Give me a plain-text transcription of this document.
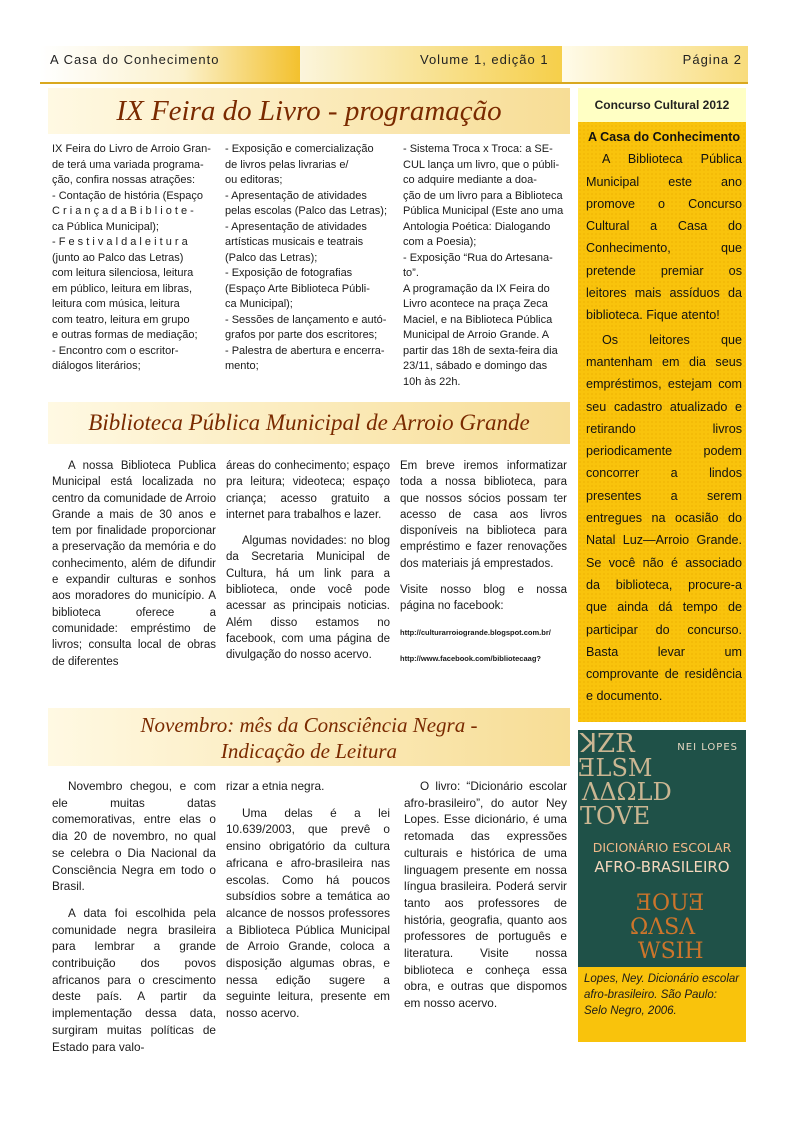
A Casa do Conhecimento	Volume 1, edição 1	Página 2
IX Feira do Livro - programação
IX Feira do Livro de Arroio Gran-
de terá uma variada programa-
ção, confira nossas atrações:
- Contação de história (Espaço
C r i a n ç a d a B i b l i o t e -
ca Pública Municipal);
- F e s t i v a l d a l e i t u r a
(junto ao Palco das Letras)
com leitura silenciosa, leitura
em público, leitura em libras,
leitura com música, leitura
com teatro, leitura em grupo
e outras formas de mediação;
- Encontro com o escritor-
diálogos literários;
- Exposição e comercialização
de livros pelas livrarias e/
ou editoras;
- Apresentação de atividades
pelas escolas (Palco das Letras);
- Apresentação de atividades
artísticas musicais e teatrais
(Palco das Letras);
- Exposição de fotografias
(Espaço Arte Biblioteca Públi-
ca Municipal);
- Sessões de lançamento e autó-
grafos por parte dos escritores;
- Palestra de abertura e encerra-
mento;
- Sistema Troca x Troca: a SE-
CUL lança um livro, que o públi-
co adquire mediante a doa-
ção de um livro para a Biblioteca
Pública Municipal (Este ano uma
Antologia Poética: Dialogando
com a Poesia);
- Exposição “Rua do Artesana-
to”.
A programação da IX Feira do
Livro acontece na praça Zeca
Maciel, e na Biblioteca Pública
Municipal de Arroio Grande. A
partir das 18h de sexta-feira dia
23/11, sábado e domingo das
10h às 22h.
Biblioteca Pública Municipal de Arroio Grande

A nossa Biblioteca Publica Municipal está localizada no centro da comunidade de Arroio Grande a mais de 30 anos e tem por finalidade proporcionar a preservação da memória e do conhecimento, além de difundir e expandir culturas e sonhos aos moradores do município. A biblioteca oferece a comunidade: empréstimo de livros; consulta local de obras de diferentes

áreas do conhecimento; espaço pra leitura; videoteca; espaço criança; acesso gratuito a internet para trabalhos e lazer.

Algumas novidades: no blog da Secretaria Municipal de Cultura, há um link para a biblioteca, onde você pode acessar as principais noticias. Além disso estamos no facebook, com uma página de divulgação do nosso acervo.

Em breve iremos informatizar toda a nossa biblioteca, para que nossos sócios possam ter acesso de casa aos livros disponíveis na biblioteca para empréstimo e fazer renovações dos materiais já emprestados.

Visite nosso blog e nossa página no facebook:

http://culturarroiogrande.blogspot.com.br/

http://www.facebook.com/bibliotecaag?

Novembro: mês da Consciência Negra -
Indicação de Leitura

Novembro chegou, e com ele muitas datas comemorativas, entre elas o dia 20 de novembro, no qual se celebra o Dia Nacional da Consciência Negra em todo o Brasil.

A data foi escolhida pela comunidade negra brasileira para lembrar a grande contribuição dos povos africanos para o crescimento deste país. A partir da implementação dessa data, surgiram muitas políticas de Estado para valo-

rizar a etnia negra.

Uma delas é a lei 10.639/2003, que prevê o ensino obrigatório da cultura africana e afro-brasileira nas escolas. Como há poucos subsídios sobre a temática ao alcance de nossos professores a Biblioteca Pública Municipal de Arroio Grande, coloca a disposição algumas obras, e nessa edição sugere a seguinte leitura, presente em nosso acervo.

O livro: “Dicionário escolar afro-brasileiro”, do autor Ney Lopes. Esse dicionário, é uma retomada das expressões culturais e histórica de uma linguagem presente em nossa língua brasileira. Poderá servir tanto aos professores de história, geografia, quanto aos professores de português e literatura. Visite nossa biblioteca e conheça essa obra, e outras que dispomos em nosso acervo.

Concurso Cultural 2012

A Casa do Conhecimento

A Biblioteca Pública Municipal este ano promove o Concurso Cultural a Casa do Conhecimento, que pretende premiar os leitores mais assíduos da biblioteca. Fique atento!

Os leitores que mantenham em dia seus empréstimos, estejam com seu cadastro atualizado e retirando livros periodicamente podem concorrer a lindos presentes a serem entregues na ocasião do Natal Luz—Arroio Grande. Se você não é associado da biblioteca, procure-a que ainda dá tempo de participar do concurso. Basta levar um comprovante de residência e documento.

ꓘZR
ƎLSM
ΛΔΩLD
TOVE
NEI LOPES
DICIONÁRIO ESCOLAR
AFRO-BRASILEIRO
ƎOUƎ
ΩΛSΛ
WSIH
Lopes, Ney. Dicionário escolar afro-brasileiro. São Paulo: Selo Negro, 2006.
